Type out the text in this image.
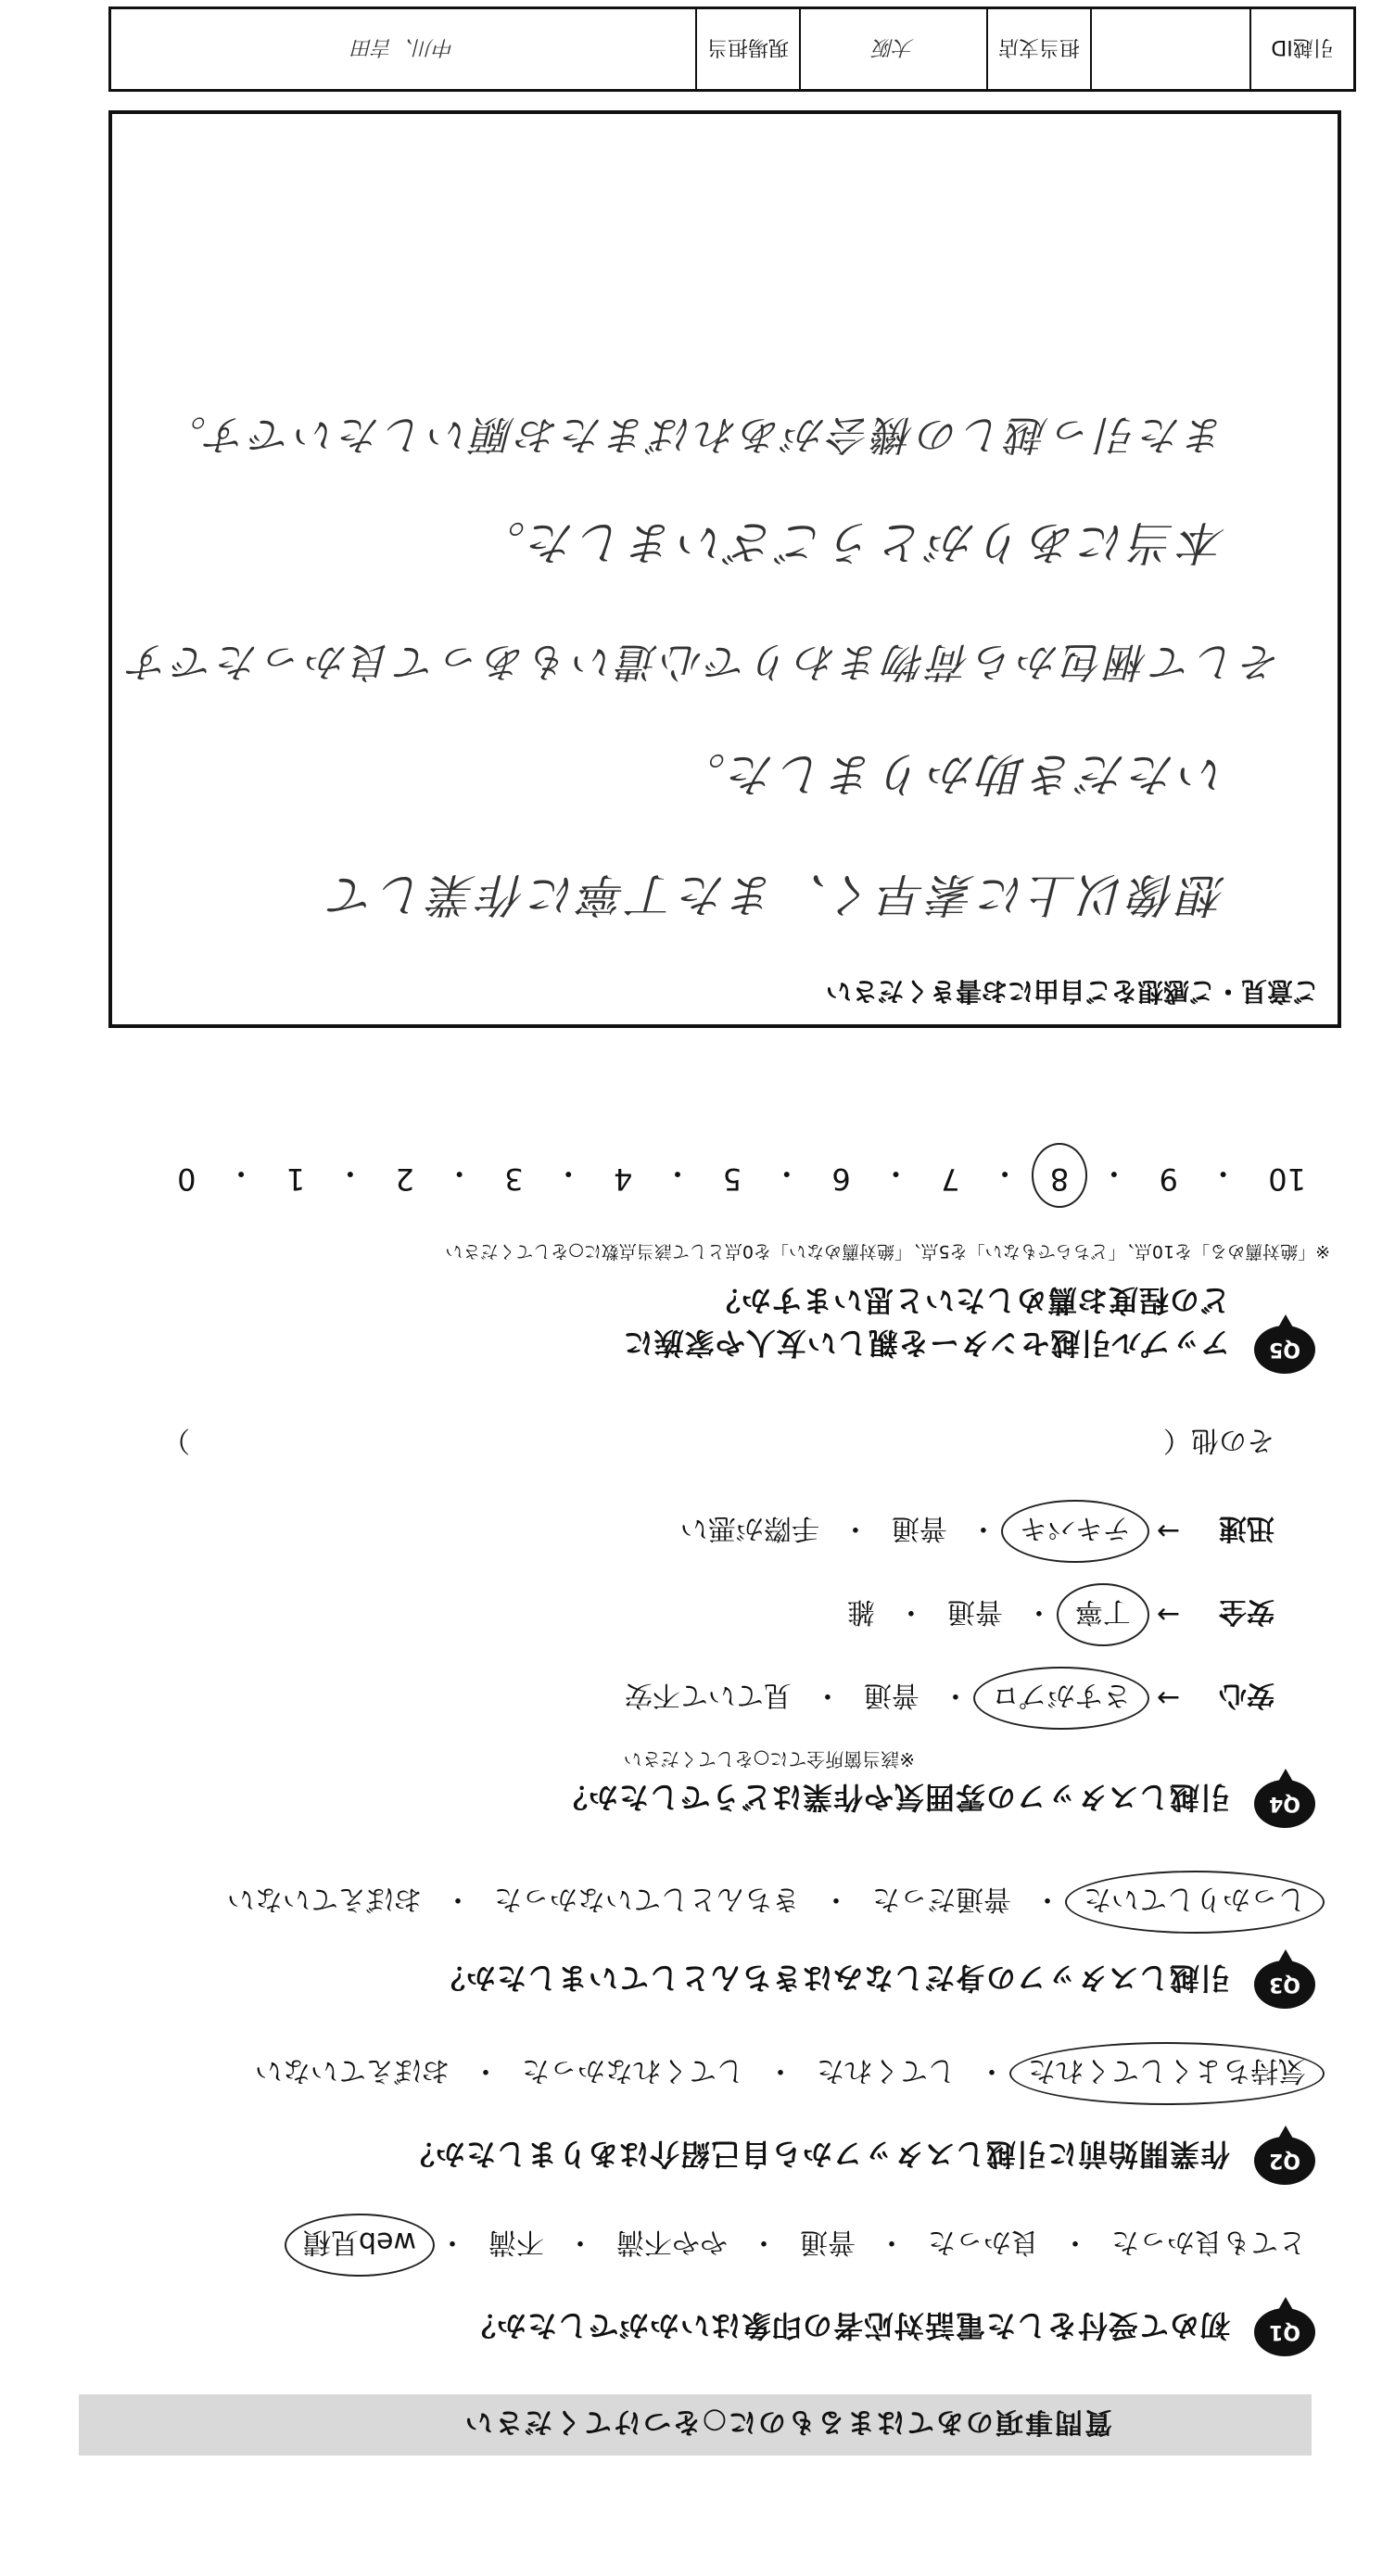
質問事項のあてはまるものに○をつけてください
Q1
初めて受付をした電話対応者の印象はいかがでしたか？
とても良かった
・
良かった
・
普通
・
やや不満
・
不満
・
web見積
Q2
作業開始前に引越しスタッフから自己紹介はありましたか？
気持ちよくしてくれた
・
してくれた
・
してくれなかった
・
おぼえていない
Q3
引越しスタッフの身だしなみはきちんとしていましたか？
しっかりしていた
・
普通だった
・
きちんとしていなかった
・
おぼえていない
Q4
引越しスタッフの雰囲気や作業はどうでしたか？
※該当箇所全てに○をしてください
安心
→
さすがプロ
・
普通
・
見ていて不安
安全
→
丁寧
・
普通
・
雑
迅速
→
テキパキ
・
普通
・
手際が悪い
その他（
）
Q5
アップル引越センターを親しい友人や家族に
どの程度お薦めしたいと思いますか？
※「絶対薦める」を10点、「どちらでもない」を5点、「絶対薦めない」を0点として該当点数に○をしてください
10
・
9
・
8
・
7
・
6
・
5
・
4
・
3
・
2
・
1
・
0
ご意見・ご感想をご自由にお書きください
想像以上に素早く、また丁寧に作業して
いただき助かりました。
そして梱包から荷物まわりで心遣いもあって良かったです
本当にありがとうございました。
また引っ越しの機会があればまたお願いしたいです。
引越ID
担当支店
大阪
現場担当
中川、吉田
